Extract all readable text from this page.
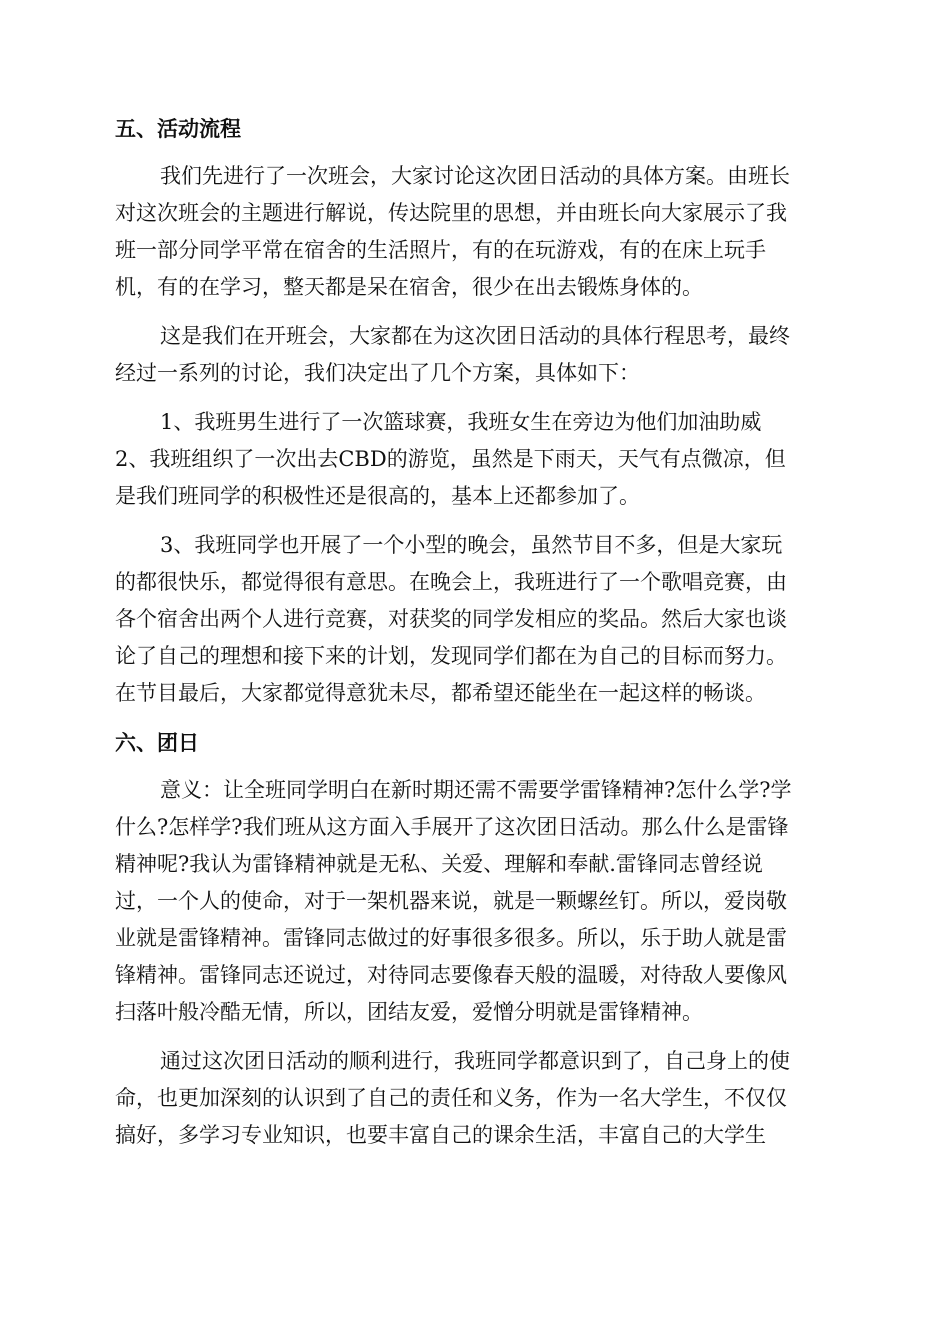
五、活动流程
我们先进行了一次班会，大家讨论这次团日活动的具体方案。由班长
对这次班会的主题进行解说，传达院里的思想，并由班长向大家展示了我
班一部分同学平常在宿舍的生活照片，有的在玩游戏，有的在床上玩手
机，有的在学习，整天都是呆在宿舍，很少在出去锻炼身体的。
这是我们在开班会，大家都在为这次团日活动的具体行程思考，最终
经过一系列的讨论，我们决定出了几个方案，具体如下：
1、我班男生进行了一次篮球赛，我班女生在旁边为他们加油助威
2、我班组织了一次出去CBD的游览，虽然是下雨天，天气有点微凉，但
是我们班同学的积极性还是很高的，基本上还都参加了。
3、我班同学也开展了一个小型的晚会，虽然节目不多，但是大家玩
的都很快乐，都觉得很有意思。在晚会上，我班进行了一个歌唱竞赛，由
各个宿舍出两个人进行竞赛，对获奖的同学发相应的奖品。然后大家也谈
论了自己的理想和接下来的计划，发现同学们都在为自己的目标而努力。
在节目最后，大家都觉得意犹未尽，都希望还能坐在一起这样的畅谈。
六、团日
意义：让全班同学明白在新时期还需不需要学雷锋精神?怎什么学?学
什么?怎样学?我们班从这方面入手展开了这次团日活动。那么什么是雷锋
精神呢?我认为雷锋精神就是无私、关爱、理解和奉献.雷锋同志曾经说
过，一个人的使命，对于一架机器来说，就是一颗螺丝钉。所以，爱岗敬
业就是雷锋精神。雷锋同志做过的好事很多很多。所以，乐于助人就是雷
锋精神。雷锋同志还说过，对待同志要像春天般的温暖，对待敌人要像风
扫落叶般冷酷无情，所以，团结友爱，爱憎分明就是雷锋精神。
通过这次团日活动的顺利进行，我班同学都意识到了，自己身上的使
命，也更加深刻的认识到了自己的责任和义务，作为一名大学生，不仅仅
搞好，多学习专业知识，也要丰富自己的课余生活，丰富自己的大学生
